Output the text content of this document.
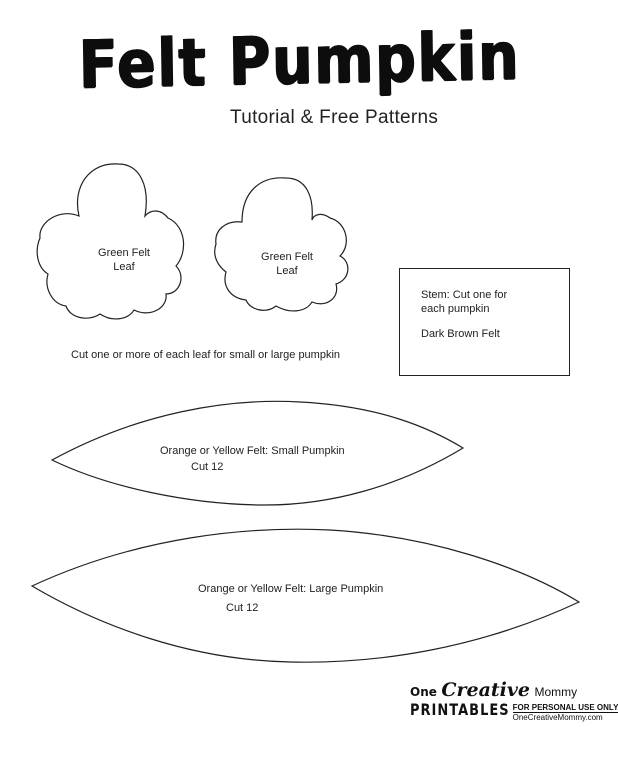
Felt Pumpkin
Tutorial & Free Patterns
Green Felt
Leaf
Green Felt
Leaf
Stem: Cut one for
each pumpkin
Dark Brown Felt
Cut one or more of each leaf for small or large pumpkin
Orange or Yellow Felt: Small Pumpkin
Cut 12
Orange or Yellow Felt: Large Pumpkin
Cut 12
One Creative Mommy
PRINTABLES FOR PERSONAL USE ONLY
OneCreativeMommy.com
